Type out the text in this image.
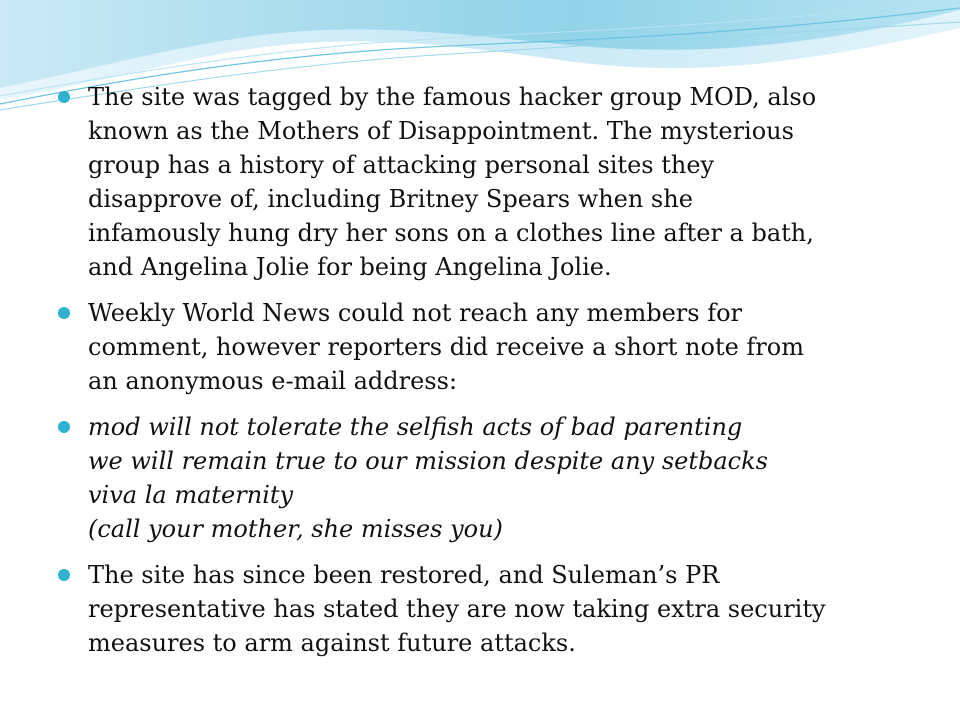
The site was tagged by the famous hacker group MOD, also
known as the Mothers of Disappointment. The mysterious
group has a history of attacking personal sites they
disapprove of, including Britney Spears when she
infamously hung dry her sons on a clothes line after a bath,
and Angelina Jolie for being Angelina Jolie.
Weekly World News could not reach any members for
comment, however reporters did receive a short note from
an anonymous e-mail address:
mod will not tolerate the selfish acts of bad parenting
we will remain true to our mission despite any setbacks
viva la maternity
(call your mother, she misses you)
The site has since been restored, and Suleman’s PR
representative has stated they are now taking extra security
measures to arm against future attacks.
